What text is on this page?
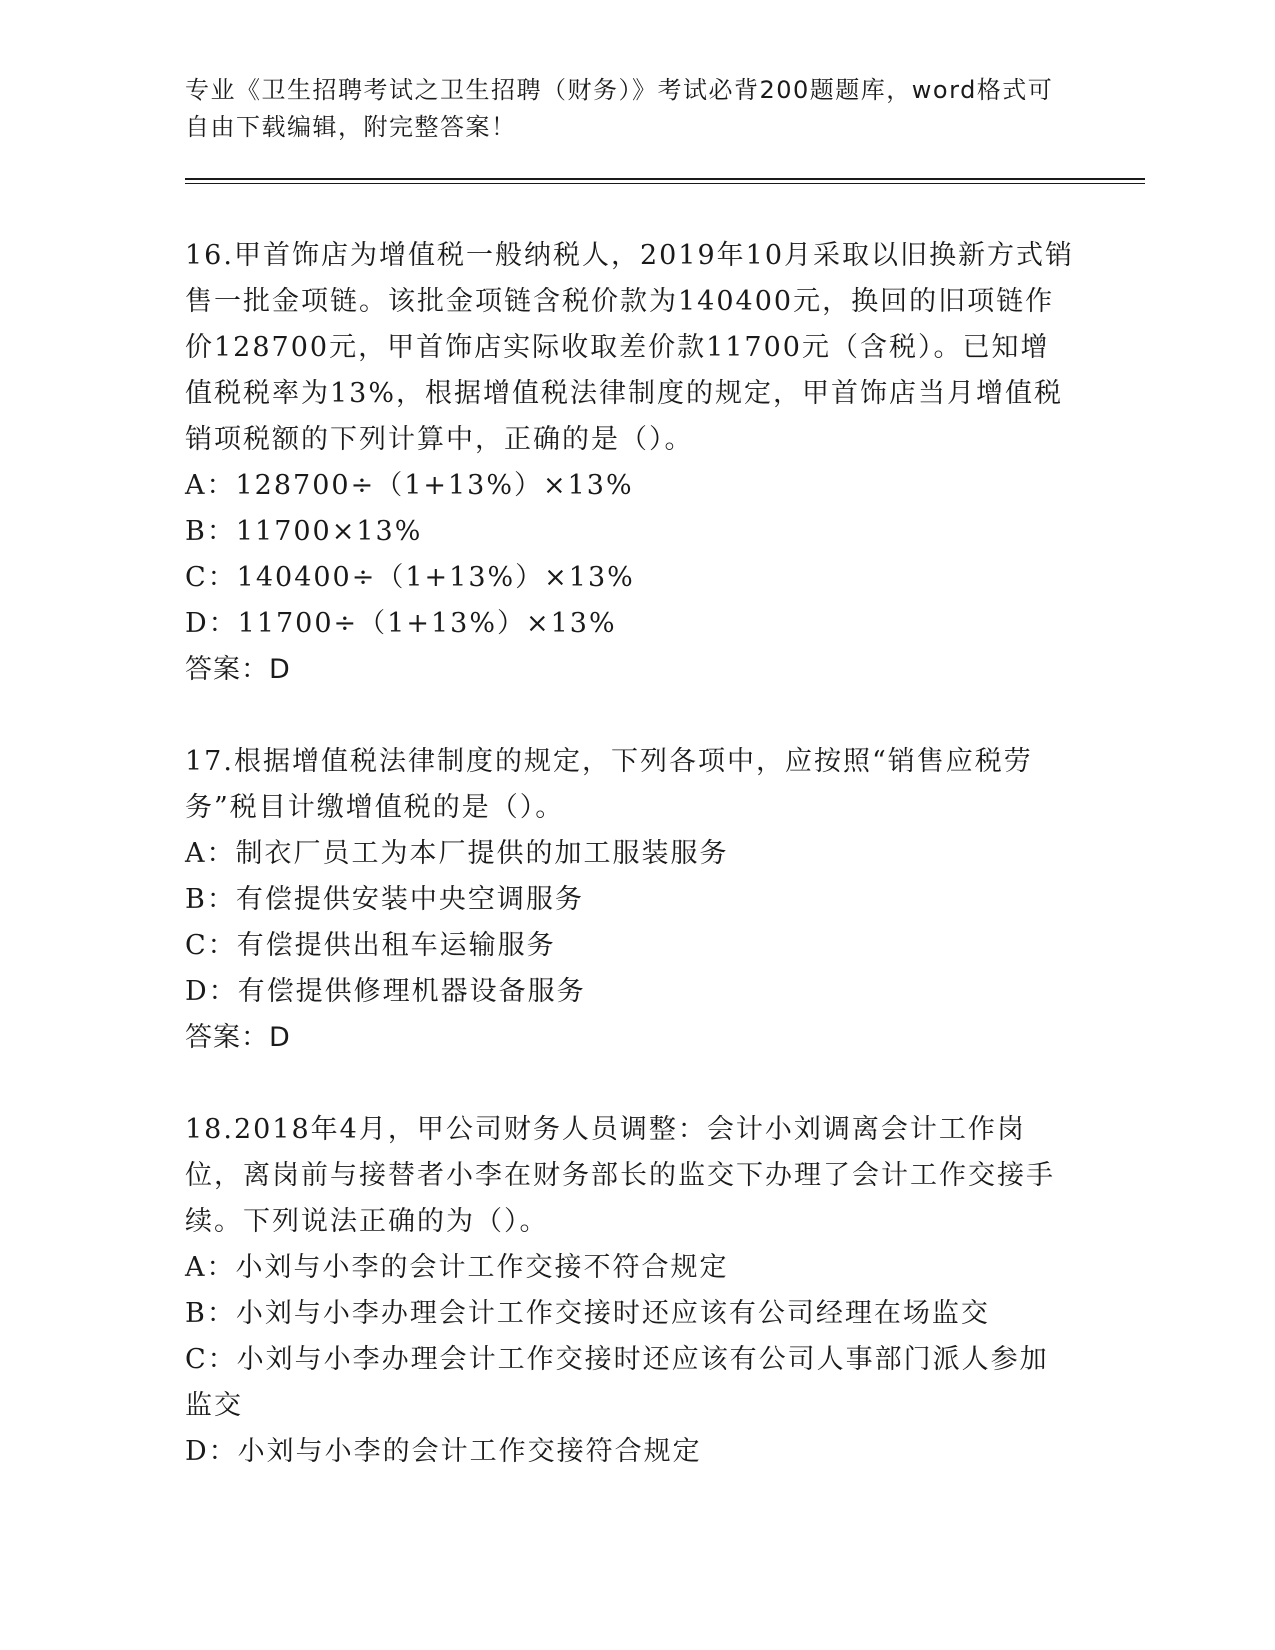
专业《卫生招聘考试之卫生招聘（财务）》考试必背200题题库，word格式可自由下载编辑，附完整答案！

16.甲首饰店为增值税一般纳税人，2019年10月采取以旧换新方式销售一批金项链。该批金项链含税价款为140400元，换回的旧项链作价128700元，甲首饰店实际收取差价款11700元（含税）。已知增值税税率为13%，根据增值税法律制度的规定，甲首饰店当月增值税销项税额的下列计算中，正确的是（）。

A：128700÷（1+13%）×13%

B：11700×13%

C：140400÷（1+13%）×13%

D：11700÷（1+13%）×13%

答案：D

17.根据增值税法律制度的规定，下列各项中，应按照“销售应税劳务”税目计缴增值税的是（）。

A：制衣厂员工为本厂提供的加工服装服务

B：有偿提供安装中央空调服务

C：有偿提供出租车运输服务

D：有偿提供修理机器设备服务

答案：D

18.2018年4月，甲公司财务人员调整：会计小刘调离会计工作岗位，离岗前与接替者小李在财务部长的监交下办理了会计工作交接手续。下列说法正确的为（）。

A：小刘与小李的会计工作交接不符合规定

B：小刘与小李办理会计工作交接时还应该有公司经理在场监交

C：小刘与小李办理会计工作交接时还应该有公司人事部门派人参加监交

D：小刘与小李的会计工作交接符合规定
